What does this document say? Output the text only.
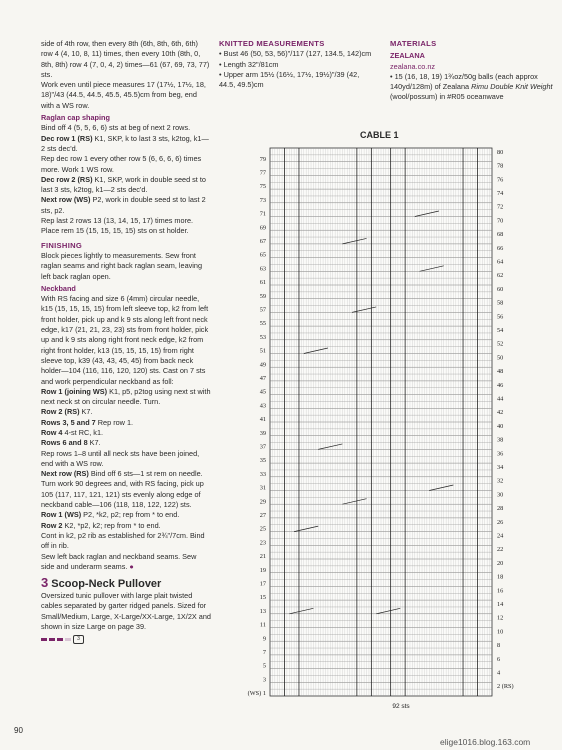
side of 4th row, then every 8th (6th, 8th, 6th, 6th) row 4 (4, 10, 8, 11) times, then every 10th (8th, 0, 8th, 8th) row 4 (7, 0, 4, 2) times—61 (67, 69, 73, 77) sts.

Work even until piece measures 17 (17½, 17½, 18, 18)"/43 (44.5, 44.5, 45.5, 45.5)cm from beg, end with a WS row.

Raglan cap shaping

Bind off 4 (5, 5, 6, 6) sts at beg of next 2 rows.

Dec row 1 (RS) K1, SKP, k to last 3 sts, k2tog, k1—2 sts dec'd.

Rep dec row 1 every other row 5 (6, 6, 6, 6) times more. Work 1 WS row.

Dec row 2 (RS) K1, SKP, work in double seed st to last 3 sts, k2tog, k1—2 sts dec'd.

Next row (WS) P2, work in double seed st to last 2 sts, p2.

Rep last 2 rows 13 (13, 14, 15, 17) times more. Place rem 15 (15, 15, 15, 15) sts on st holder.

FINISHING

Block pieces lightly to measurements. Sew front raglan seams and right back raglan seam, leaving left back raglan open.

Neckband

With RS facing and size 6 (4mm) circular needle, k15 (15, 15, 15, 15) from left sleeve top, k2 from left front holder, pick up and k 9 sts along left front neck edge, k17 (21, 21, 23, 23) sts from front holder, pick up and k 9 sts along right front neck edge, k2 from right front holder, k13 (15, 15, 15, 15) from right sleeve top, k39 (43, 43, 45, 45) from back neck holder—104 (116, 116, 120, 120) sts. Cast on 7 sts and work perpendicular neckband as foll:

Row 1 (joining WS) K1, p5, p2tog using next st with next neck st on circular needle. Turn.

Row 2 (RS) K7.

Rows 3, 5 and 7 Rep row 1.

Row 4 4-st RC, k1.

Rows 6 and 8 K7.

Rep rows 1–8 until all neck sts have been joined, end with a WS row.

Next row (RS) Bind off 6 sts—1 st rem on needle. Turn work 90 degrees and, with RS facing, pick up 105 (117, 117, 121, 121) sts evenly along edge of neckband cable—106 (118, 118, 122, 122) sts.

Row 1 (WS) P2, *k2, p2; rep from * to end.

Row 2 K2, *p2, k2; rep from * to end.

Cont in k2, p2 rib as established for 2¾"/7cm. Bind off in rib.

Sew left back raglan and neckband seams. Sew side and underarm seams. ●

3 Scoop-Neck Pullover

Oversized tunic pullover with large plait twisted cables separated by garter ridged panels. Sized for Small/Medium, Large, X-Large/XX-Large, 1X/2X and shown in size Large on page 39.

3

KNITTED MEASUREMENTS

• Bust 46 (50, 53, 56)"/117 (127, 134.5, 142)cm

• Length 32"/81cm

• Upper arm 15½ (16½, 17½, 19½)"/39 (42, 44.5, 49.5)cm

MATERIALS

ZEALANA

zealana.co.nz

• 15 (16, 18, 19) 1¾oz/50g balls (each approx 140yd/128m) of Zealana Rimu Double Knit Weight (wool/possum) in #R05 oceanwave

CABLE 1
(WS) 1
3
5
7
9
11
13
15
17
19
21
23
25
27
29
31
33
35
37
39
41
43
45
47
49
51
53
55
57
59
61
63
65
67
69
71
73
75
77
79
2 (RS)
4
6
8
10
12
14
16
18
20
22
24
26
28
30
32
34
36
38
40
42
44
46
48
50
52
54
56
58
60
62
64
66
68
70
72
74
76
78
80
92 sts
90
elige1016.blog.163.com
